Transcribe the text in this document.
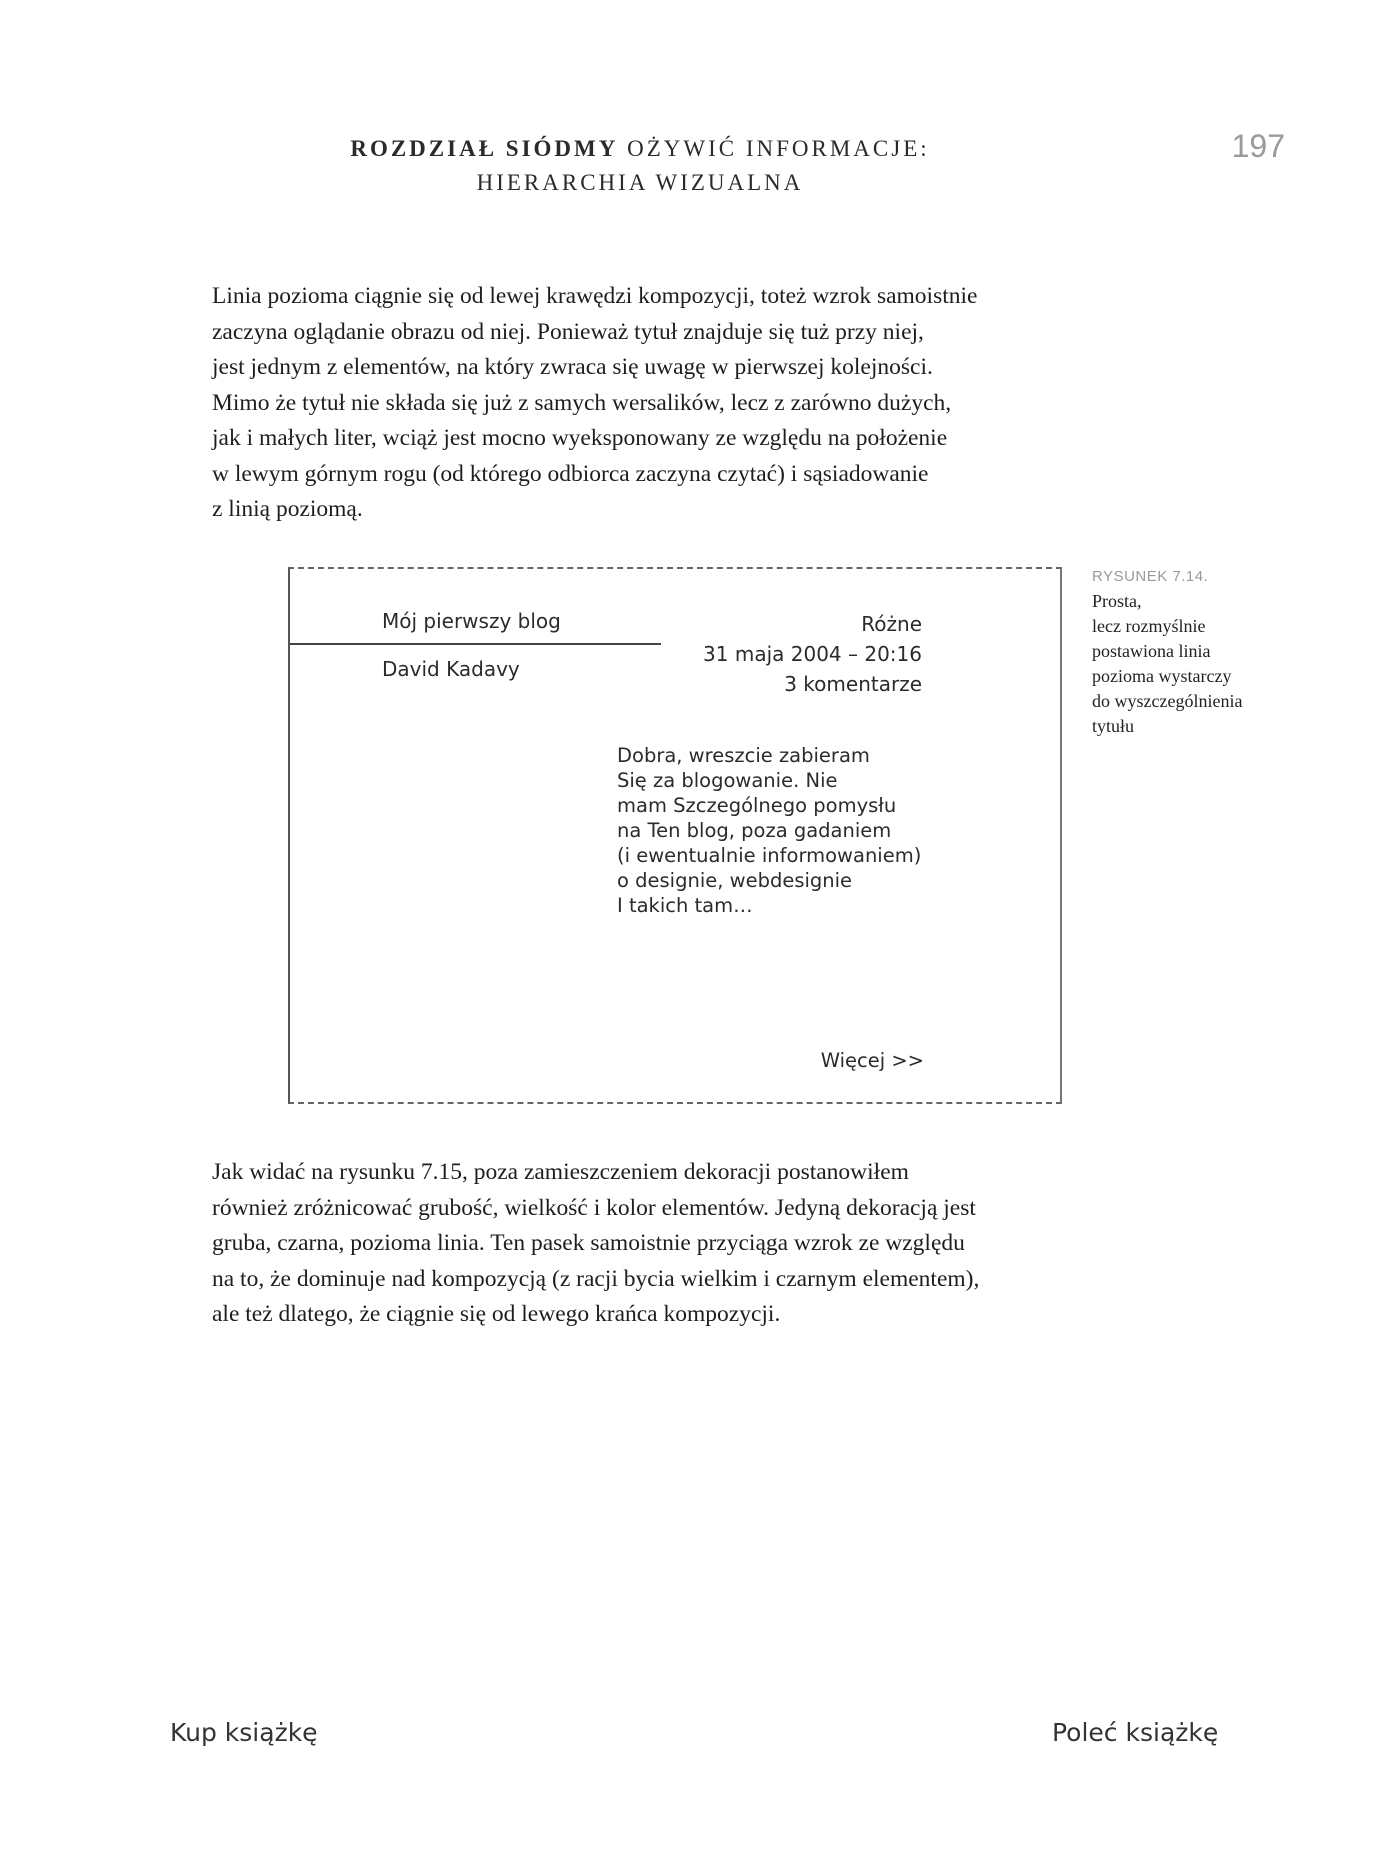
ROZDZIAŁ SIÓDMY OŻYWIĆ INFORMACJE:
HIERARCHIA WIZUALNA
197
Linia pozioma ciągnie się od lewej krawędzi kompozycji, toteż wzrok samoistnie
zaczyna oglądanie obrazu od niej. Ponieważ tytuł znajduje się tuż przy niej,
jest jednym z elementów, na który zwraca się uwagę w pierwszej kolejności.
Mimo że tytuł nie składa się już z samych wersalików, lecz z zarówno dużych,
jak i małych liter, wciąż jest mocno wyeksponowany ze względu na położenie
w lewym górnym rogu (od którego odbiorca zaczyna czytać) i sąsiadowanie
z linią poziomą.
Mój pierwszy blog
David Kadavy
Różne
31 maja 2004 – 20:16
3 komentarze
Dobra, wreszcie zabieram
Się za blogowanie. Nie
mam Szczególnego pomysłu
na Ten blog, poza gadaniem
(i ewentualnie informowaniem)
o designie, webdesignie
I takich tam…
Więcej >>
RYSUNEK 7.14.
Prosta,
lecz rozmyślnie
postawiona linia
pozioma wystarczy
do wyszczególnienia
tytułu
Jak widać na rysunku 7.15, poza zamieszczeniem dekoracji postanowiłem
również zróżnicować grubość, wielkość i kolor elementów. Jedyną dekoracją jest
gruba, czarna, pozioma linia. Ten pasek samoistnie przyciąga wzrok ze względu
na to, że dominuje nad kompozycją (z racji bycia wielkim i czarnym elementem),
ale też dlatego, że ciągnie się od lewego krańca kompozycji.
Kup książkę	Poleć książkę
